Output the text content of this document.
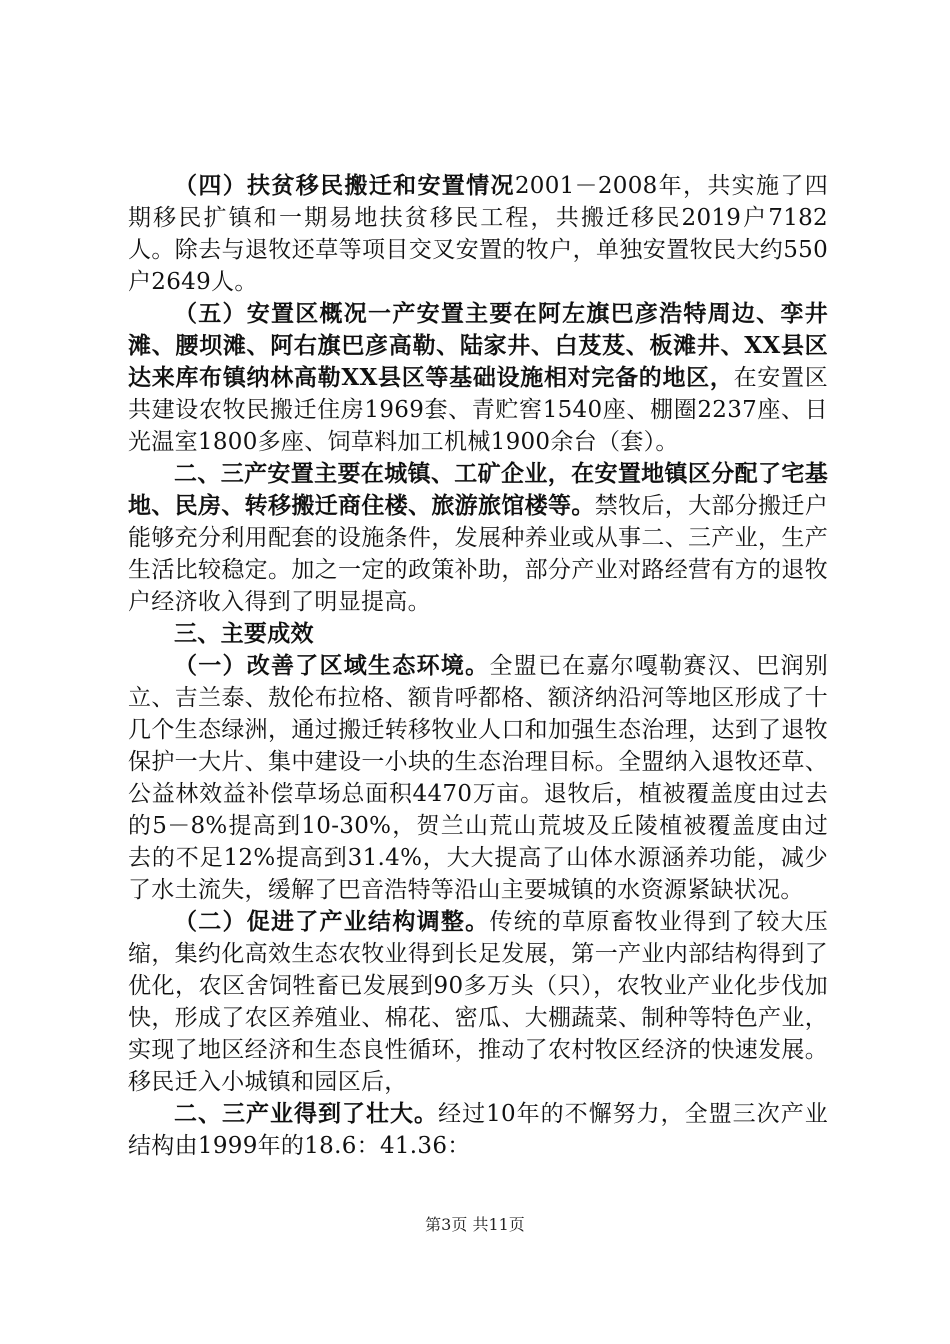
（四）扶贫移民搬迁和安置情况2001－2008年，共实施了四期移民扩镇和一期易地扶贫移民工程，共搬迁移民2019户7182人。除去与退牧还草等项目交叉安置的牧户，单独安置牧民大约550户2649人。

（五）安置区概况一产安置主要在阿左旗巴彦浩特周边、孪井滩、腰坝滩、阿右旗巴彦高勒、陆家井、白芨芨、板滩井、XX县区达来库布镇纳林高勒XX县区等基础设施相对完备的地区，在安置区共建设农牧民搬迁住房1969套、青贮窖1540座、棚圈2237座、日光温室1800多座、饲草料加工机械1900余台（套）。

二、三产安置主要在城镇、工矿企业，在安置地镇区分配了宅基地、民房、转移搬迁商住楼、旅游旅馆楼等。禁牧后，大部分搬迁户能够充分利用配套的设施条件，发展种养业或从事二、三产业，生产生活比较稳定。加之一定的政策补助，部分产业对路经营有方的退牧户经济收入得到了明显提高。

三、主要成效

（一）改善了区域生态环境。全盟已在嘉尔嘎勒赛汉、巴润别立、吉兰泰、敖伦布拉格、额肯呼都格、额济纳沿河等地区形成了十几个生态绿洲，通过搬迁转移牧业人口和加强生态治理，达到了退牧保护一大片、集中建设一小块的生态治理目标。全盟纳入退牧还草、公益林效益补偿草场总面积4470万亩。退牧后，植被覆盖度由过去的5－8%提高到10-30%，贺兰山荒山荒坡及丘陵植被覆盖度由过去的不足12%提高到31.4%，大大提高了山体水源涵养功能，减少了水土流失，缓解了巴音浩特等沿山主要城镇的水资源紧缺状况。

（二）促进了产业结构调整。传统的草原畜牧业得到了较大压缩，集约化高效生态农牧业得到长足发展，第一产业内部结构得到了优化，农区舍饲牲畜已发展到90多万头（只），农牧业产业化步伐加快，形成了农区养殖业、棉花、密瓜、大棚蔬菜、制种等特色产业，实现了地区经济和生态良性循环，推动了农村牧区经济的快速发展。移民迁入小城镇和园区后，

二、三产业得到了壮大。经过10年的不懈努力，全盟三次产业结构由1999年的18.6：41.36：

第3页 共11页
